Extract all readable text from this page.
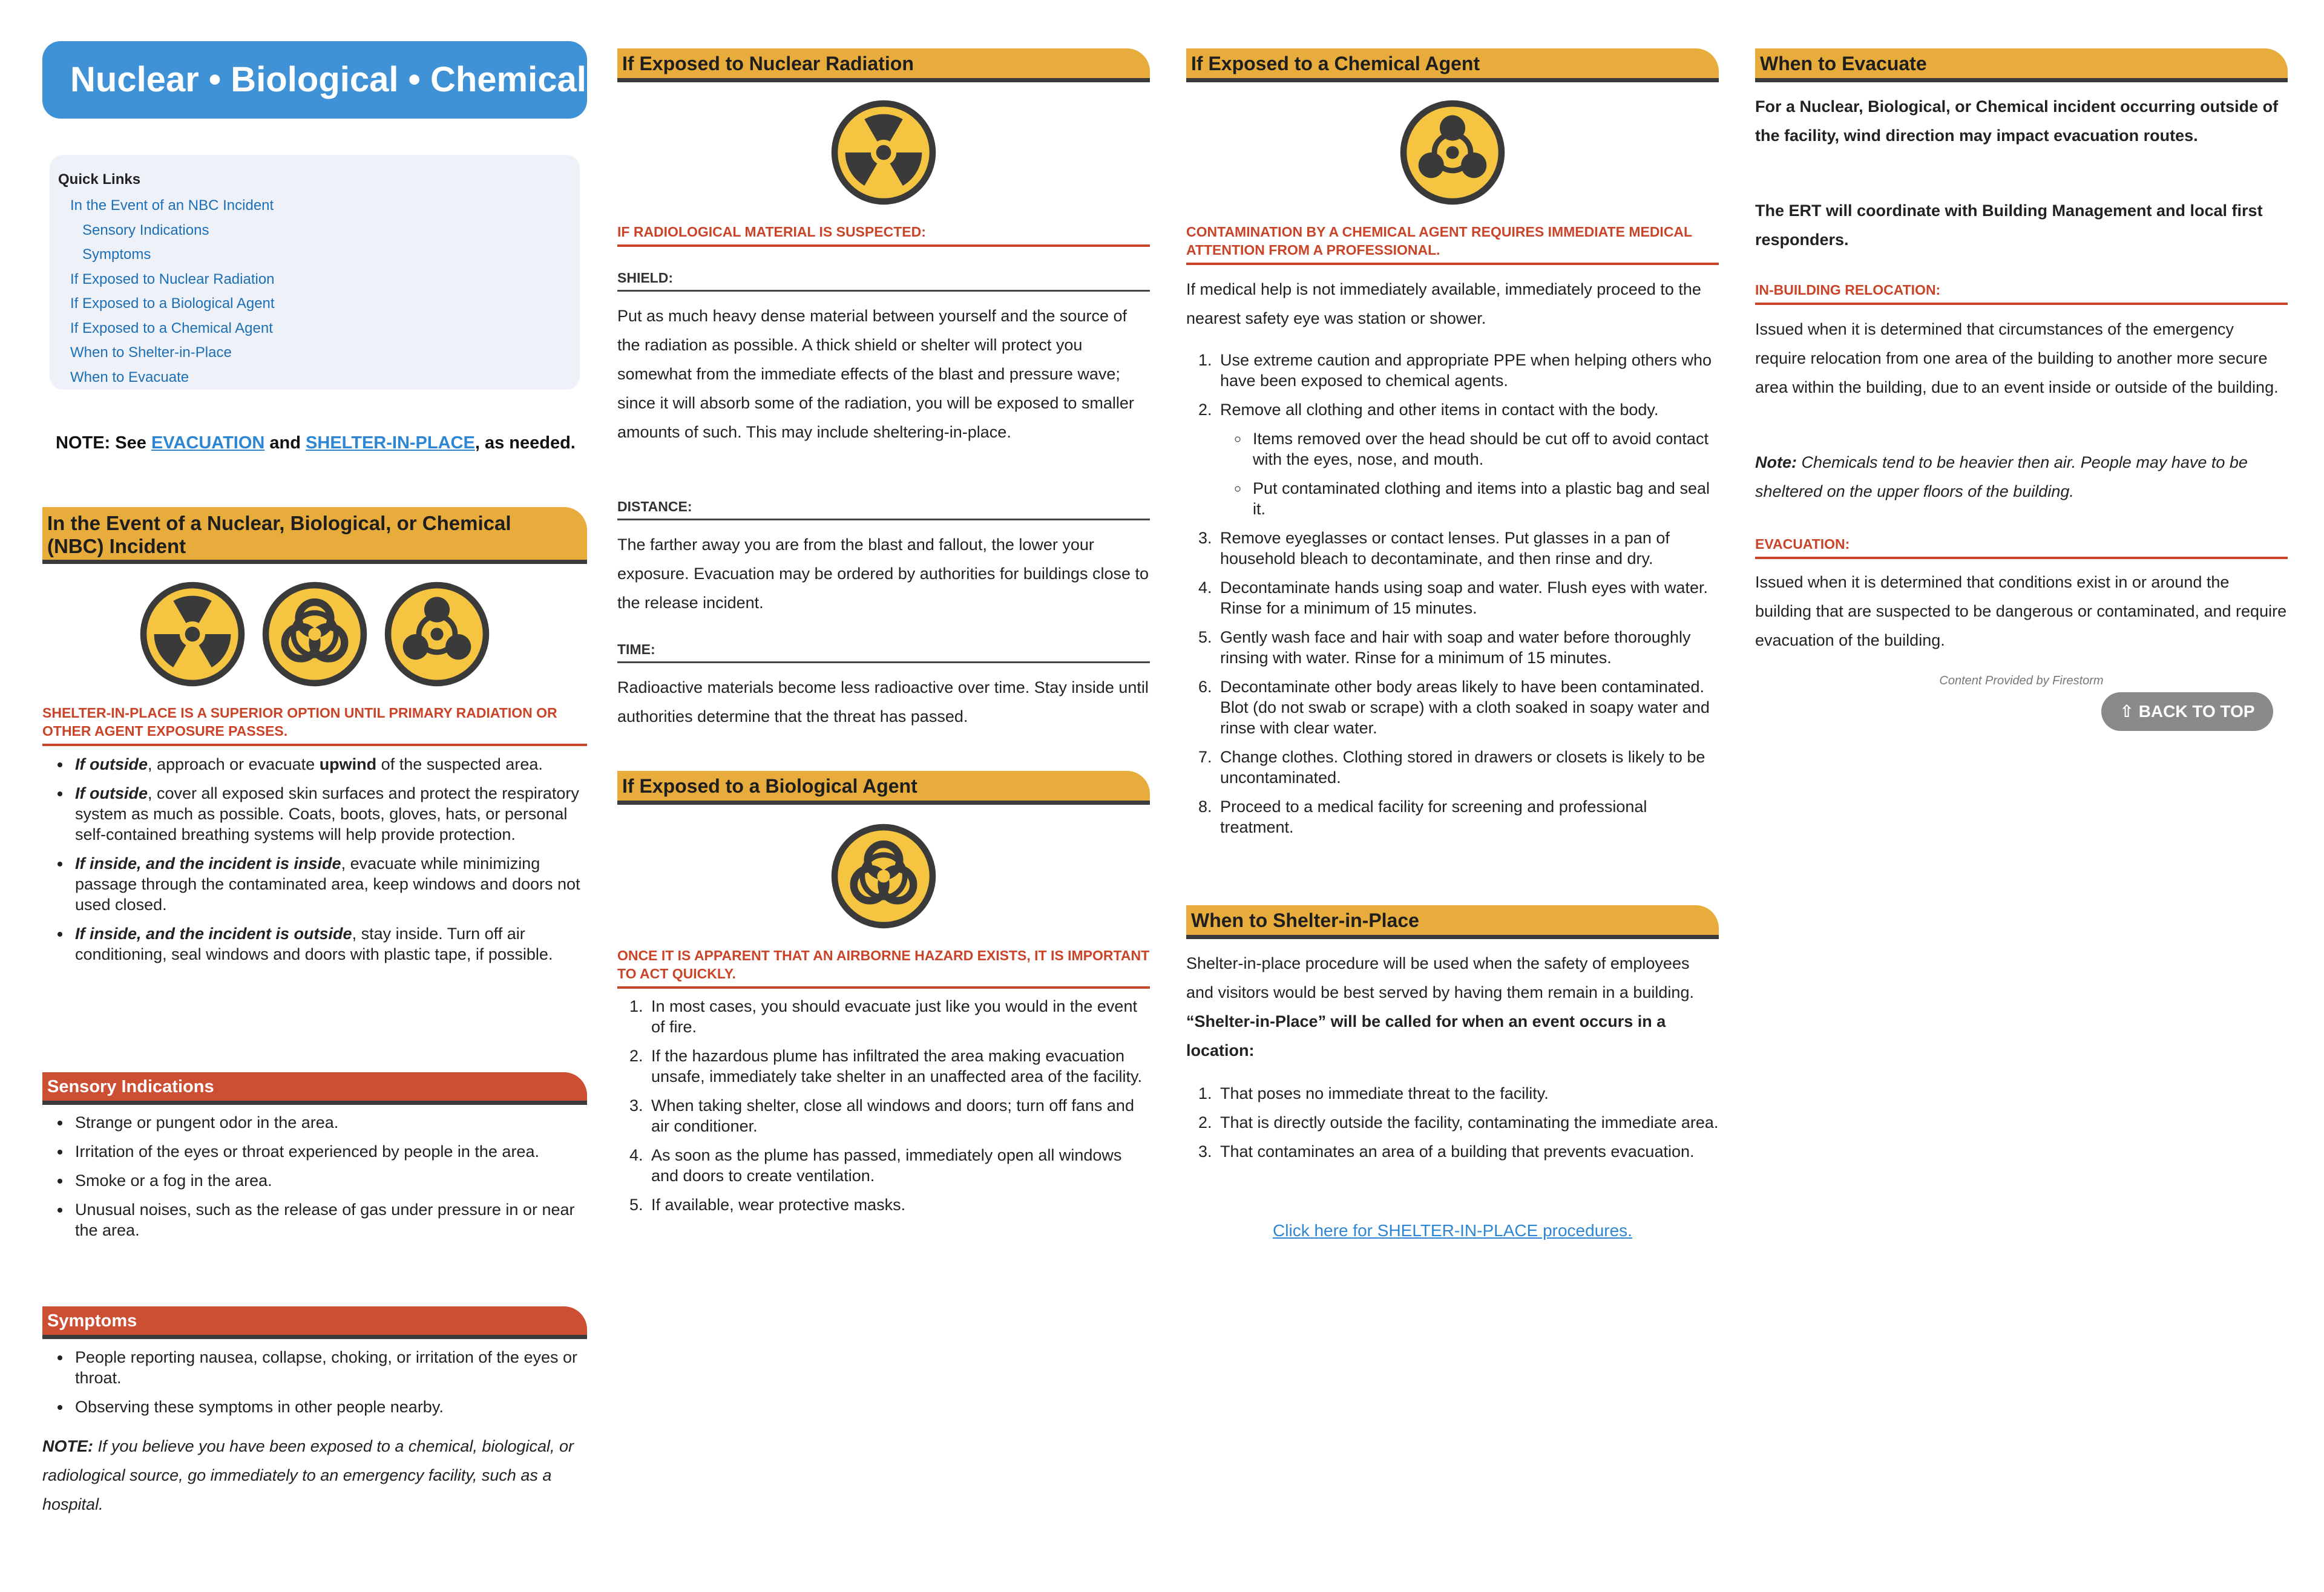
Nuclear • Biological • Chemical
Quick Links
In the Event of an NBC Incident
Sensory Indications
Symptoms
If Exposed to Nuclear Radiation
If Exposed to a Biological Agent
If Exposed to a Chemical Agent
When to Shelter-in-Place
When to Evacuate
NOTE: See EVACUATION and SHELTER-IN-PLACE, as needed.
In the Event of a Nuclear, Biological, or Chemical
(NBC) Incident
SHELTER-IN-PLACE IS A SUPERIOR OPTION UNTIL PRIMARY RADIATION OR OTHER AGENT EXPOSURE PASSES.
• If outside, approach or evacuate upwind of the suspected area.
• If outside, cover all exposed skin surfaces and protect the respiratory system as much as possible. Coats, boots, gloves, hats, or personal self-contained breathing systems will help provide protection.
• If inside, and the incident is inside, evacuate while minimizing passage through the contaminated area, keep windows and doors not used closed.
• If inside, and the incident is outside, stay inside. Turn off air conditioning, seal windows and doors with plastic tape, if possible.
Sensory Indications
• Strange or pungent odor in the area.
• Irritation of the eyes or throat experienced by people in the area.
• Smoke or a fog in the area.
• Unusual noises, such as the release of gas under pressure in or near the area.
Symptoms
• People reporting nausea, collapse, choking, or irritation of the eyes or throat.
• Observing these symptoms in other people nearby.
NOTE: If you believe you have been exposed to a chemical, biological, or radiological source, go immediately to an emergency facility, such as a hospital.
If Exposed to Nuclear Radiation
IF RADIOLOGICAL MATERIAL IS SUSPECTED:
SHIELD:
Put as much heavy dense material between yourself and the source of the radiation as possible. A thick shield or shelter will protect you somewhat from the immediate effects of the blast and pressure wave; since it will absorb some of the radiation, you will be exposed to smaller amounts of such. This may include sheltering-in-place.
DISTANCE:
The farther away you are from the blast and fallout, the lower your exposure. Evacuation may be ordered by authorities for buildings close to the release incident.
TIME:
Radioactive materials become less radioactive over time. Stay inside until authorities determine that the threat has passed.
If Exposed to a Biological Agent
ONCE IT IS APPARENT THAT AN AIRBORNE HAZARD EXISTS, IT IS IMPORTANT TO ACT QUICKLY.
1. In most cases, you should evacuate just like you would in the event of fire.
2. If the hazardous plume has infiltrated the area making evacuation unsafe, immediately take shelter in an unaffected area of the facility.
3. When taking shelter, close all windows and doors; turn off fans and air conditioner.
4. As soon as the plume has passed, immediately open all windows and doors to create ventilation.
5. If available, wear protective masks.
If Exposed to a Chemical Agent
CONTAMINATION BY A CHEMICAL AGENT REQUIRES IMMEDIATE MEDICAL ATTENTION FROM A PROFESSIONAL.
If medical help is not immediately available, immediately proceed to the nearest safety eye was station or shower.
1. Use extreme caution and appropriate PPE when helping others who have been exposed to chemical agents.
2. Remove all clothing and other items in contact with the body.
◦ Items removed over the head should be cut off to avoid contact with the eyes, nose, and mouth.
◦ Put contaminated clothing and items into a plastic bag and seal it.
3. Remove eyeglasses or contact lenses. Put glasses in a pan of household bleach to decontaminate, and then rinse and dry.
4. Decontaminate hands using soap and water. Flush eyes with water. Rinse for a minimum of 15 minutes.
5. Gently wash face and hair with soap and water before thoroughly rinsing with water. Rinse for a minimum of 15 minutes.
6. Decontaminate other body areas likely to have been contaminated. Blot (do not swab or scrape) with a cloth soaked in soapy water and rinse with clear water.
7. Change clothes. Clothing stored in drawers or closets is likely to be uncontaminated.
8. Proceed to a medical facility for screening and professional treatment.
When to Shelter-in-Place
Shelter-in-place procedure will be used when the safety of employees and visitors would be best served by having them remain in a building. “Shelter-in-Place” will be called for when an event occurs in a location:
1. That poses no immediate threat to the facility.
2. That is directly outside the facility, contaminating the immediate area.
3. That contaminates an area of a building that prevents evacuation.
Click here for SHELTER-IN-PLACE procedures.
When to Evacuate
For a Nuclear, Biological, or Chemical incident occurring outside of the facility, wind direction may impact evacuation routes.
The ERT will coordinate with Building Management and local first responders.
IN-BUILDING RELOCATION:
Issued when it is determined that circumstances of the emergency require relocation from one area of the building to another more secure area within the building, due to an event inside or outside of the building.
Note: Chemicals tend to be heavier then air. People may have to be sheltered on the upper floors of the building.
EVACUATION:
Issued when it is determined that conditions exist in or around the building that are suspected to be dangerous or contaminated, and require evacuation of the building.
Content Provided by Firestorm
⇧ BACK TO TOP
